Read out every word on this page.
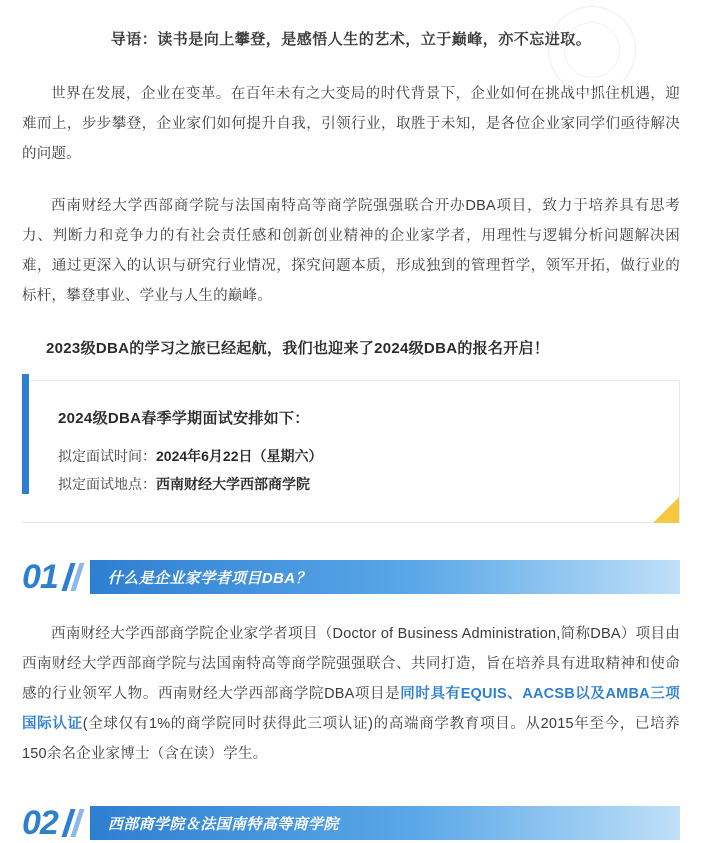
导语：读书是向上攀登，是感悟人生的艺术，立于巅峰，亦不忘进取。

世界在发展，企业在变革。在百年未有之大变局的时代背景下，企业如何在挑战中抓住机遇，迎难而上，步步攀登，企业家们如何提升自我，引领行业，取胜于未知，是各位企业家同学们亟待解决的问题。

西南财经大学西部商学院与法国南特高等商学院强强联合开办DBA项目，致力于培养具有思考力、判断力和竞争力的有社会责任感和创新创业精神的企业家学者，用理性与逻辑分析问题解决困难，通过更深入的认识与研究行业情况，探究问题本质，形成独到的管理哲学，领军开拓，做行业的标杆，攀登事业、学业与人生的巅峰。

2023级DBA的学习之旅已经起航，我们也迎来了2024级DBA的报名开启！
2024级DBA春季学期面试安排如下：
拟定面试时间：2024年6月22日（星期六）
拟定面试地点：西南财经大学西部商学院
01	什么是企业家学者项目DBA？

西南财经大学西部商学院企业家学者项目（Doctor of Business Administration,简称DBA）项目由西南财经大学西部商学院与法国南特高等商学院强强联合、共同打造，旨在培养具有进取精神和使命感的行业领军人物。西南财经大学西部商学院DBA项目是同时具有EQUIS、AACSB以及AMBA三项国际认证(全球仅有1%的商学院同时获得此三项认证)的高端商学教育项目。从2015年至今，已培养150余名企业家博士（含在读）学生。

02	西部商学院＆法国南特高等商学院
